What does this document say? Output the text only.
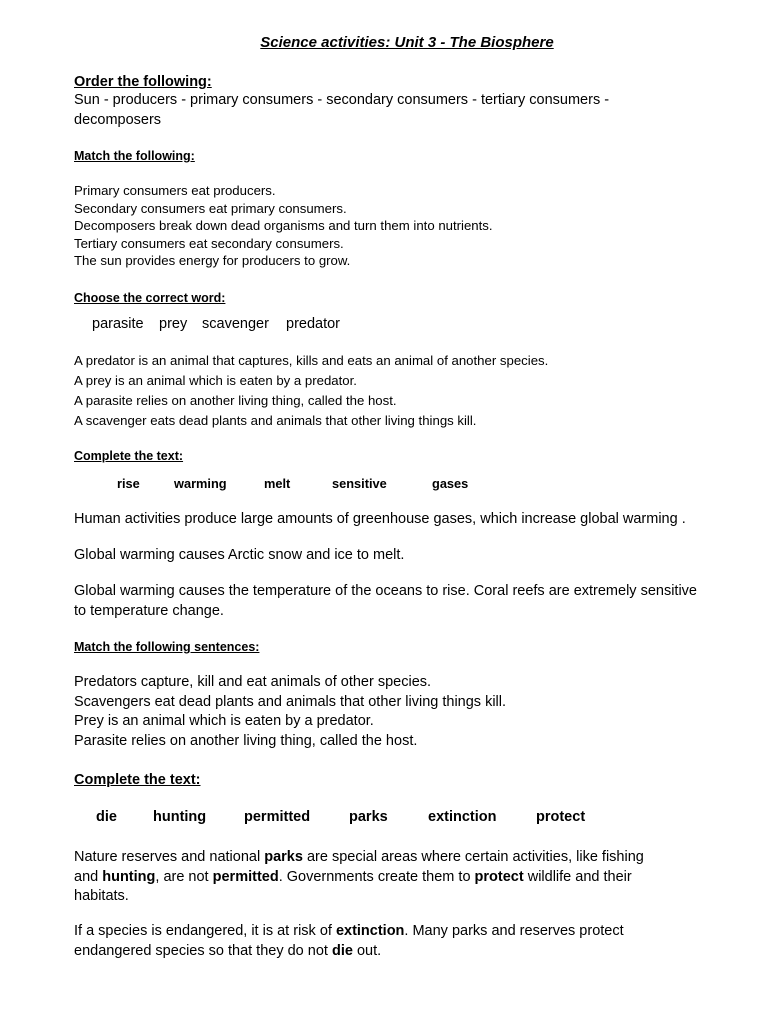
Science activities: Unit 3 - The Biosphere
Order the following:
Sun - producers - primary consumers - secondary consumers - tertiary consumers -
decomposers
Match the following:
Primary consumers eat producers.
Secondary consumers eat primary consumers.
Decomposers break down dead organisms and turn them into nutrients.
Tertiary consumers eat secondary consumers.
The sun provides energy for producers to grow.
Choose the correct word:
parasite prey scavenger predator
A predator is an animal that captures, kills and eats an animal of another species.
A prey is an animal which is eaten by a predator.
A parasite relies on another living thing, called the host.
A scavenger eats dead plants and animals that other living things kill.
Complete the text:
rise	warming	melt	sensitive	gases
Human activities produce large amounts of greenhouse gases, which increase global warming .
Global warming causes Arctic snow and ice to melt.
Global warming causes the temperature of the oceans to rise. Coral reefs are extremely sensitive
to temperature change.
Match the following sentences:
Predators capture, kill and eat animals of other species.
Scavengers eat dead plants and animals that other living things kill.
Prey is an animal which is eaten by a predator.
Parasite relies on another living thing, called the host.
Complete the text:
die hunting	permitted	parks	extinction	protect
Nature reserves and national parks are special areas where certain activities, like fishing
and hunting, are not permitted. Governments create them to protect wildlife and their
habitats.
If a species is endangered, it is at risk of extinction. Many parks and reserves protect
endangered species so that they do not die out.
